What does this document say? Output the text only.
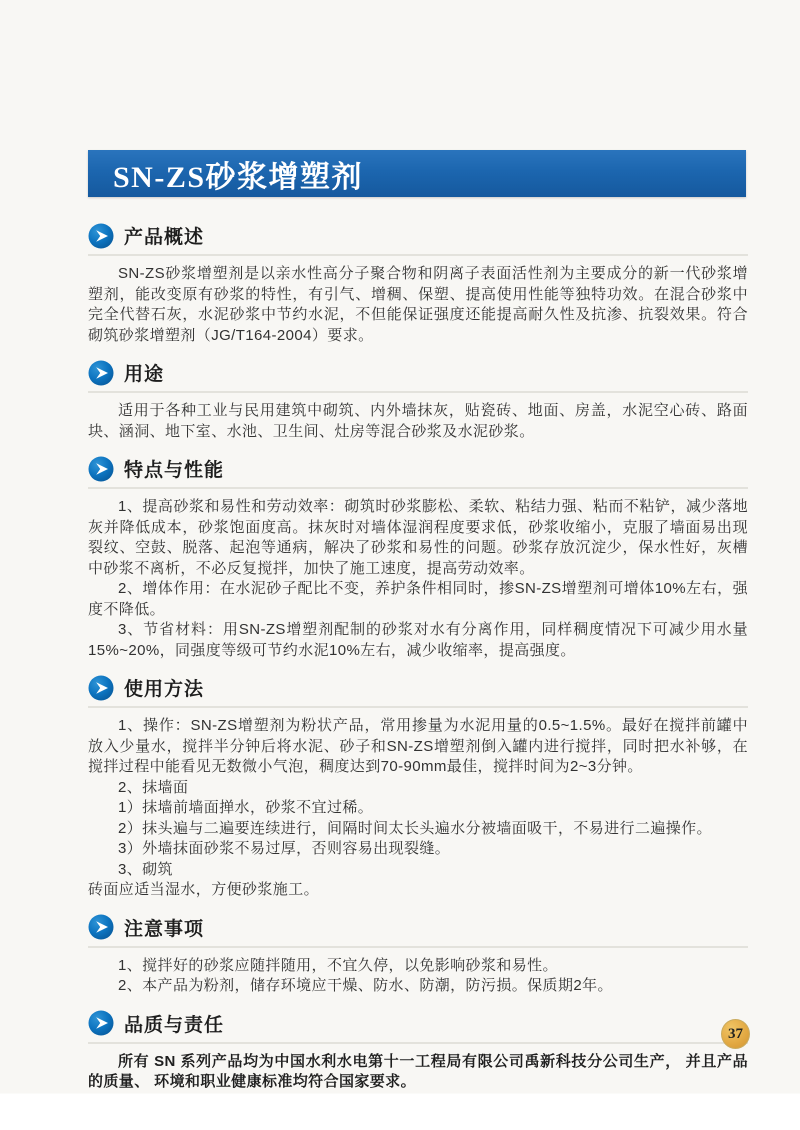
SN-ZS砂浆增塑剂
产品概述

SN-ZS砂浆增塑剂是以亲水性高分子聚合物和阴离子表面活性剂为主要成分的新一代砂浆增塑剂，能改变原有砂浆的特性，有引气、增稠、保塑、提高使用性能等独特功效。在混合砂浆中完全代替石灰，水泥砂浆中节约水泥，不但能保证强度还能提高耐久性及抗渗、抗裂效果。符合砌筑砂浆增塑剂（JG/T164-2004）要求。

用途

适用于各种工业与民用建筑中砌筑、内外墙抹灰，贴瓷砖、地面、房盖，水泥空心砖、路面块、涵洞、地下室、水池、卫生间、灶房等混合砂浆及水泥砂浆。

特点与性能

1、提高砂浆和易性和劳动效率：砌筑时砂浆膨松、柔软、粘结力强、粘而不粘铲，减少落地灰并降低成本，砂浆饱面度高。抹灰时对墙体湿润程度要求低，砂浆收缩小，克服了墙面易出现裂纹、空鼓、脱落、起泡等通病，解决了砂浆和易性的问题。砂浆存放沉淀少，保水性好，灰槽中砂浆不离析，不必反复搅拌，加快了施工速度，提高劳动效率。

2、增体作用：在水泥砂子配比不变，养护条件相同时，掺SN-ZS增塑剂可增体10%左右，强度不降低。

3、节省材料：用SN-ZS增塑剂配制的砂浆对水有分离作用，同样稠度情况下可减少用水量15%~20%，同强度等级可节约水泥10%左右，减少收缩率，提高强度。

使用方法

1、操作：SN-ZS增塑剂为粉状产品，常用掺量为水泥用量的0.5~1.5%。最好在搅拌前罐中放入少量水，搅拌半分钟后将水泥、砂子和SN-ZS增塑剂倒入罐内进行搅拌，同时把水补够，在搅拌过程中能看见无数微小气泡，稠度达到70-90mm最佳，搅拌时间为2~3分钟。

2、抹墙面

1）抹墙前墙面掸水，砂浆不宜过稀。

2）抹头遍与二遍要连续进行，间隔时间太长头遍水分被墙面吸干，不易进行二遍操作。

3）外墙抹面砂浆不易过厚，否则容易出现裂缝。

3、砌筑

砖面应适当湿水，方便砂浆施工。

注意事项

1、搅拌好的砂浆应随拌随用，不宜久停，以免影响砂浆和易性。

2、本产品为粉剂，储存环境应干燥、防水、防潮，防污损。保质期2年。

品质与责任

所有 SN 系列产品均为中国水利水电第十一工程局有限公司禹新科技分公司生产， 并且产品的质量、 环境和职业健康标准均符合国家要求。

37
